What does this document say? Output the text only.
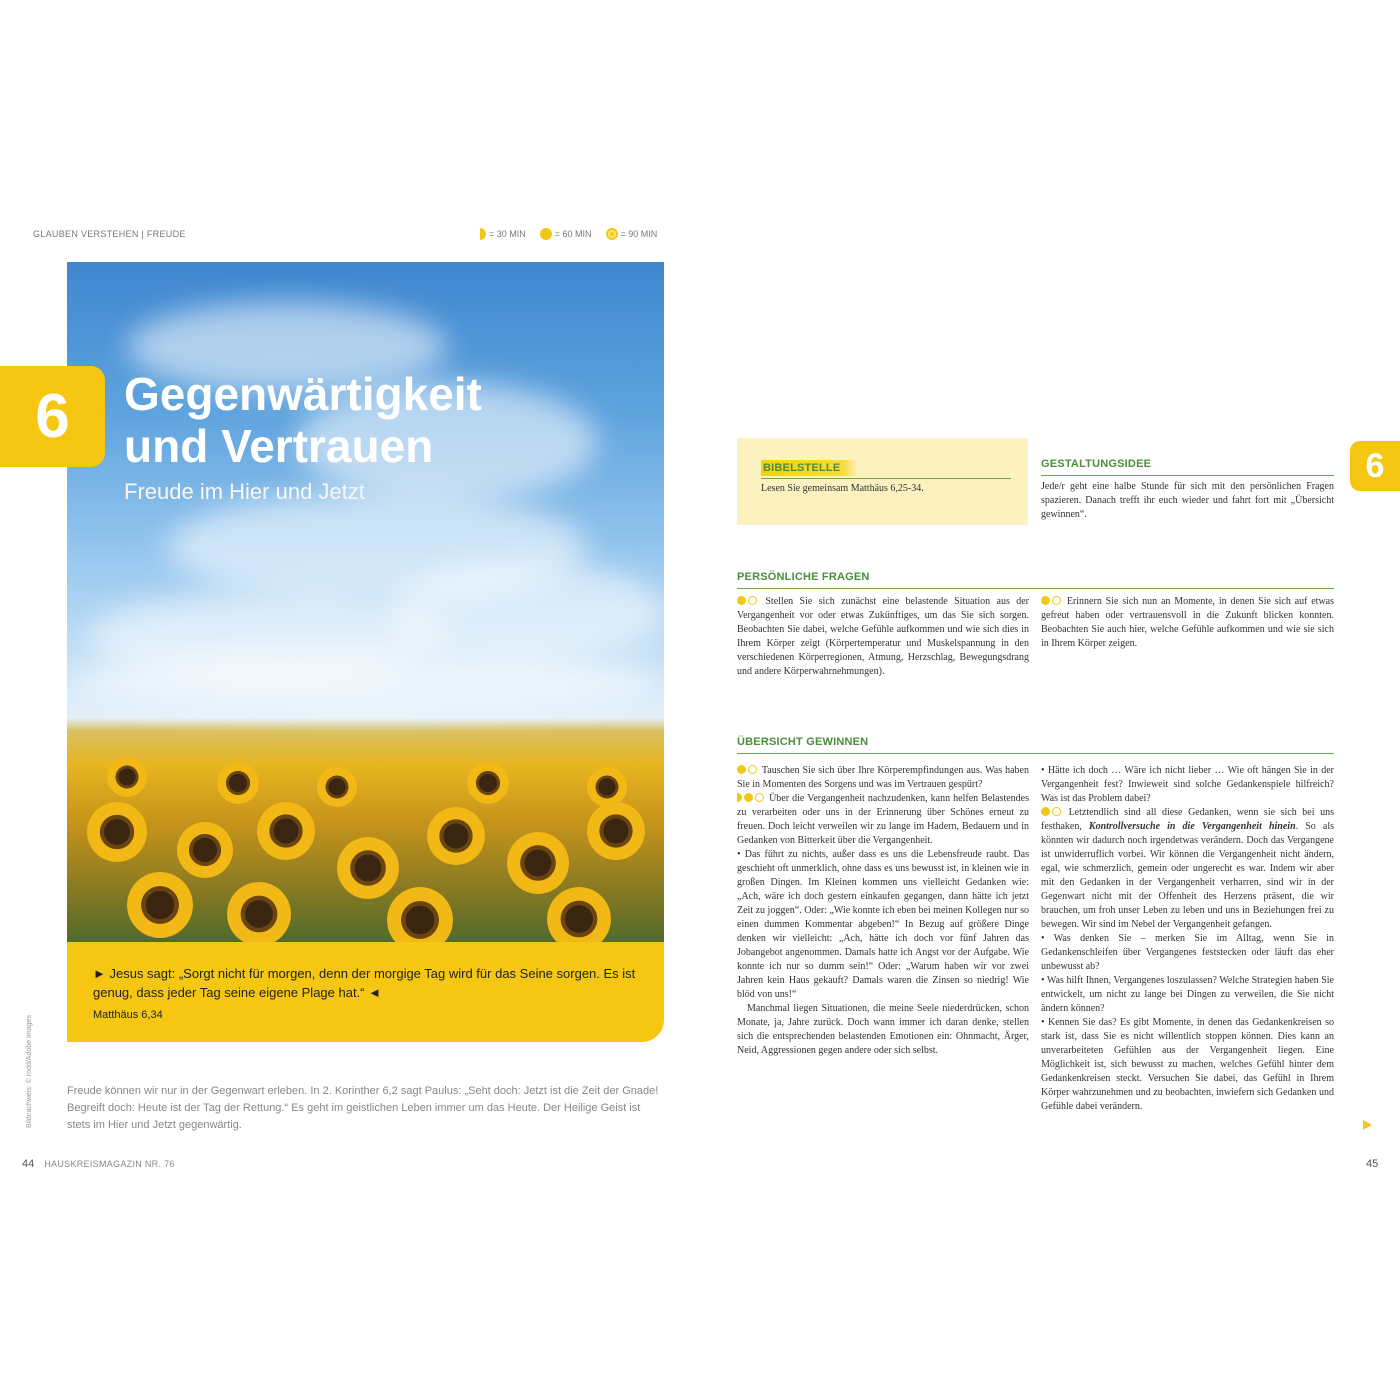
GLAUBEN VERSTEHEN | FREUDE	= 30 MIN	= 60 MIN	= 90 MIN
6 Gegenwärtigkeit
und Vertrauen
Freude im Hier und Jetzt

► Jesus sagt: „Sorgt nicht für morgen, denn der morgige Tag wird für das Seine sorgen. Es ist genug, dass jeder Tag seine eigene Plage hat.“ ◄

Matthäus 6,34

Bildnachweis: © rodd/Adobe Images	Freude können wir nur in der Gegenwart erleben. In 2. Korinther 6,2 sagt Paulus: „Seht doch: Jetzt ist die Zeit der Gnade! Begreift doch: Heute ist der Tag der Rettung.“ Es geht im geistlichen Leben immer um das Heute. Der Heilige Geist ist stets im Hier und Jetzt gegenwärtig.
44 HAUSKREISMAGAZIN NR. 76
6
BIBELSTELLE
Lesen Sie gemeinsam Matthäus 6,25-34.
GESTALTUNGSIDEE
Jede/r geht eine halbe Stunde für sich mit den persönlichen Fragen spazieren. Danach trefft ihr euch wieder und fahrt fort mit „Übersicht gewinnen“.
PERSÖNLICHE FRAGEN
Stellen Sie sich zunächst eine belastende Situation aus der Vergangenheit vor oder etwas Zukünftiges, um das Sie sich sorgen. Beobachten Sie dabei, welche Gefühle aufkommen und wie sich dies in Ihrem Körper zeigt (Körpertemperatur und Muskelspannung in den verschiedenen Körperregionen, Atmung, Herzschlag, Bewegungsdrang und andere Körperwahrnehmungen).
Erinnern Sie sich nun an Momente, in denen Sie sich auf etwas gefreut haben oder vertrauensvoll in die Zukunft blicken konnten. Beobachten Sie auch hier, welche Gefühle aufkommen und wie sie sich in Ihrem Körper zeigen.
ÜBERSICHT GEWINNEN

Tauschen Sie sich über Ihre Körperempfindungen aus. Was haben Sie in Momenten des Sorgens und was im Vertrauen gespürt?

Über die Vergangenheit nachzudenken, kann helfen Belastendes zu verarbeiten oder uns in der Erinnerung über Schönes erneut zu freuen. Doch leicht verweilen wir zu lange im Hadern, Bedauern und in Gedanken von Bitterkeit über die Vergangenheit.

• Das führt zu nichts, außer dass es uns die Lebensfreude raubt. Das geschieht oft unmerklich, ohne dass es uns bewusst ist, in kleinen wie in großen Dingen. Im Kleinen kommen uns vielleicht Gedanken wie: „Ach, wäre ich doch gestern einkaufen gegangen, dann hätte ich jetzt Zeit zu joggen“. Oder: „Wie konnte ich eben bei meinen Kollegen nur so einen dummen Kommentar abgeben!“ In Bezug auf größere Dinge denken wir vielleicht: „Ach, hätte ich doch vor fünf Jahren das Jobangebot angenommen. Damals hatte ich Angst vor der Aufgabe. Wie konnte ich nur so dumm sein!“ Oder: „Warum haben wir vor zwei Jahren kein Haus gekauft? Damals waren die Zinsen so niedrig! Wie blöd von uns!“

Manchmal liegen Situationen, die meine Seele niederdrücken, schon Monate, ja, Jahre zurück. Doch wann immer ich daran denke, stellen sich die entsprechenden belastenden Emotionen ein: Ohnmacht, Ärger, Neid, Aggressionen gegen andere oder sich selbst.

• Hätte ich doch … Wäre ich nicht lieber … Wie oft hängen Sie in der Vergangenheit fest? Inwieweit sind solche Gedankenspiele hilfreich? Was ist das Problem dabei?

Letztendlich sind all diese Gedanken, wenn sie sich bei uns festhaken, Kontrollversuche in die Vergangenheit hinein. So als könnten wir dadurch noch irgendetwas verändern. Doch das Vergangene ist unwiderruflich vorbei. Wir können die Vergangenheit nicht ändern, egal, wie schmerzlich, gemein oder ungerecht es war. Indem wir aber mit den Gedanken in der Vergangenheit verharren, sind wir in der Gegenwart nicht mit der Offenheit des Herzens präsent, die wir brauchen, um froh unser Leben zu leben und uns in Beziehungen frei zu bewegen. Wir sind im Nebel der Vergangenheit gefangen.

• Was denken Sie – merken Sie im Alltag, wenn Sie in Gedankenschleifen über Vergangenes feststecken oder läuft das eher unbewusst ab?

• Was hilft Ihnen, Vergangenes loszulassen? Welche Strategien haben Sie entwickelt, um nicht zu lange bei Dingen zu verweilen, die Sie nicht ändern können?

• Kennen Sie das? Es gibt Momente, in denen das Gedankenkreisen so stark ist, dass Sie es nicht willentlich stoppen können. Dies kann an unverarbeiteten Gefühlen aus der Vergangenheit liegen. Eine Möglichkeit ist, sich bewusst zu machen, welches Gefühl hinter dem Gedankenkreisen steckt. Versuchen Sie dabei, das Gefühl in Ihrem Körper wahrzunehmen und zu beobachten, inwiefern sich Gedanken und Gefühle dabei verändern.

45
